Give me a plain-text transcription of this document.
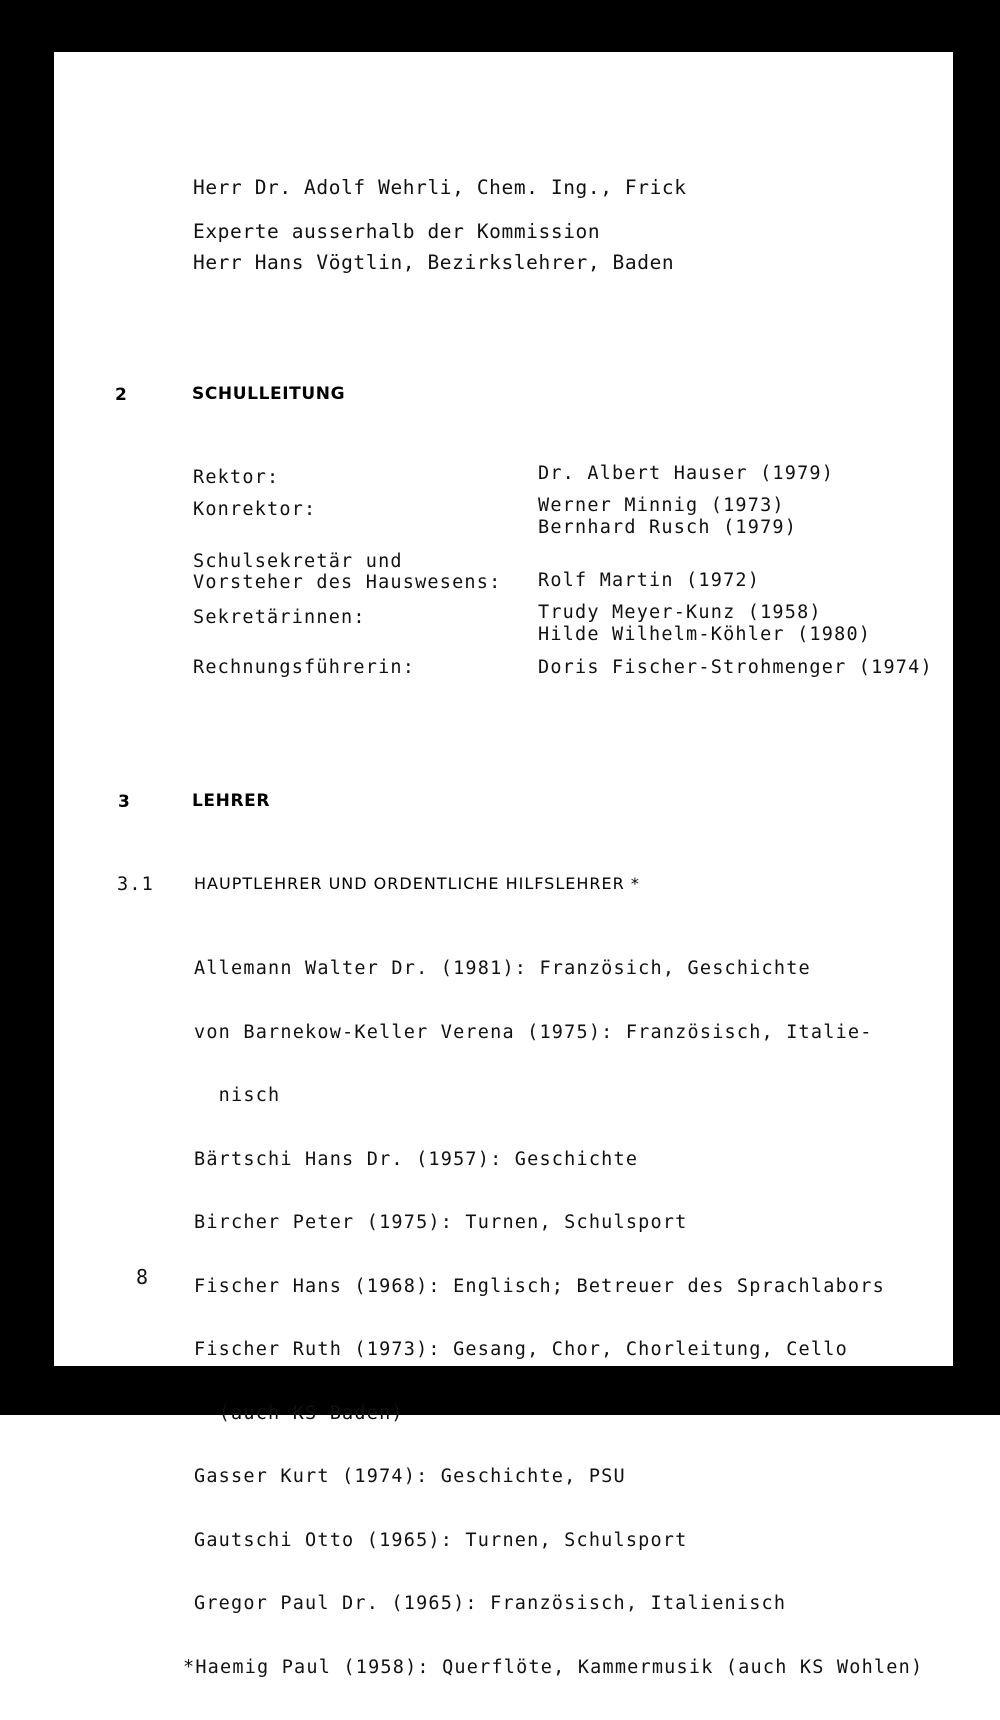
Herr Dr. Adolf Wehrli, Chem. Ing., Frick
Experte ausserhalb der Kommission
Herr Hans Vögtlin, Bezirkslehrer, Baden
2	SCHULLEITUNG
Rektor:	Dr. Albert Hauser (1979)
Konrektor:	Werner Minnig (1973)
Bernhard Rusch (1979)
Schulsekretär und
Vorsteher des Hauswesens: Rolf Martin (1972)
Sekretärinnen:	Trudy Meyer-Kunz (1958)
Hilde Wilhelm-Köhler (1980)
Rechnungsführerin:	Doris Fischer-Strohmenger (1974)
3	LEHRER
3.1 HAUPTLEHRER UND ORDENTLICHE HILFSLEHRER *

Allemann Walter Dr. (1981): Französich, Geschichte

von Barnekow-Keller Verena (1975): Französisch, Italie-

nisch

Bärtschi Hans Dr. (1957): Geschichte

Bircher Peter (1975): Turnen, Schulsport

Fischer Hans (1968): Englisch; Betreuer des Sprachlabors

Fischer Ruth (1973): Gesang, Chor, Chorleitung, Cello

(auch KS Baden)

Gasser Kurt (1974): Geschichte, PSU

Gautschi Otto (1965): Turnen, Schulsport

Gregor Paul Dr. (1965): Französisch, Italienisch

*Haemig Paul (1958): Querflöte, Kammermusik (auch KS Wohlen)

8
